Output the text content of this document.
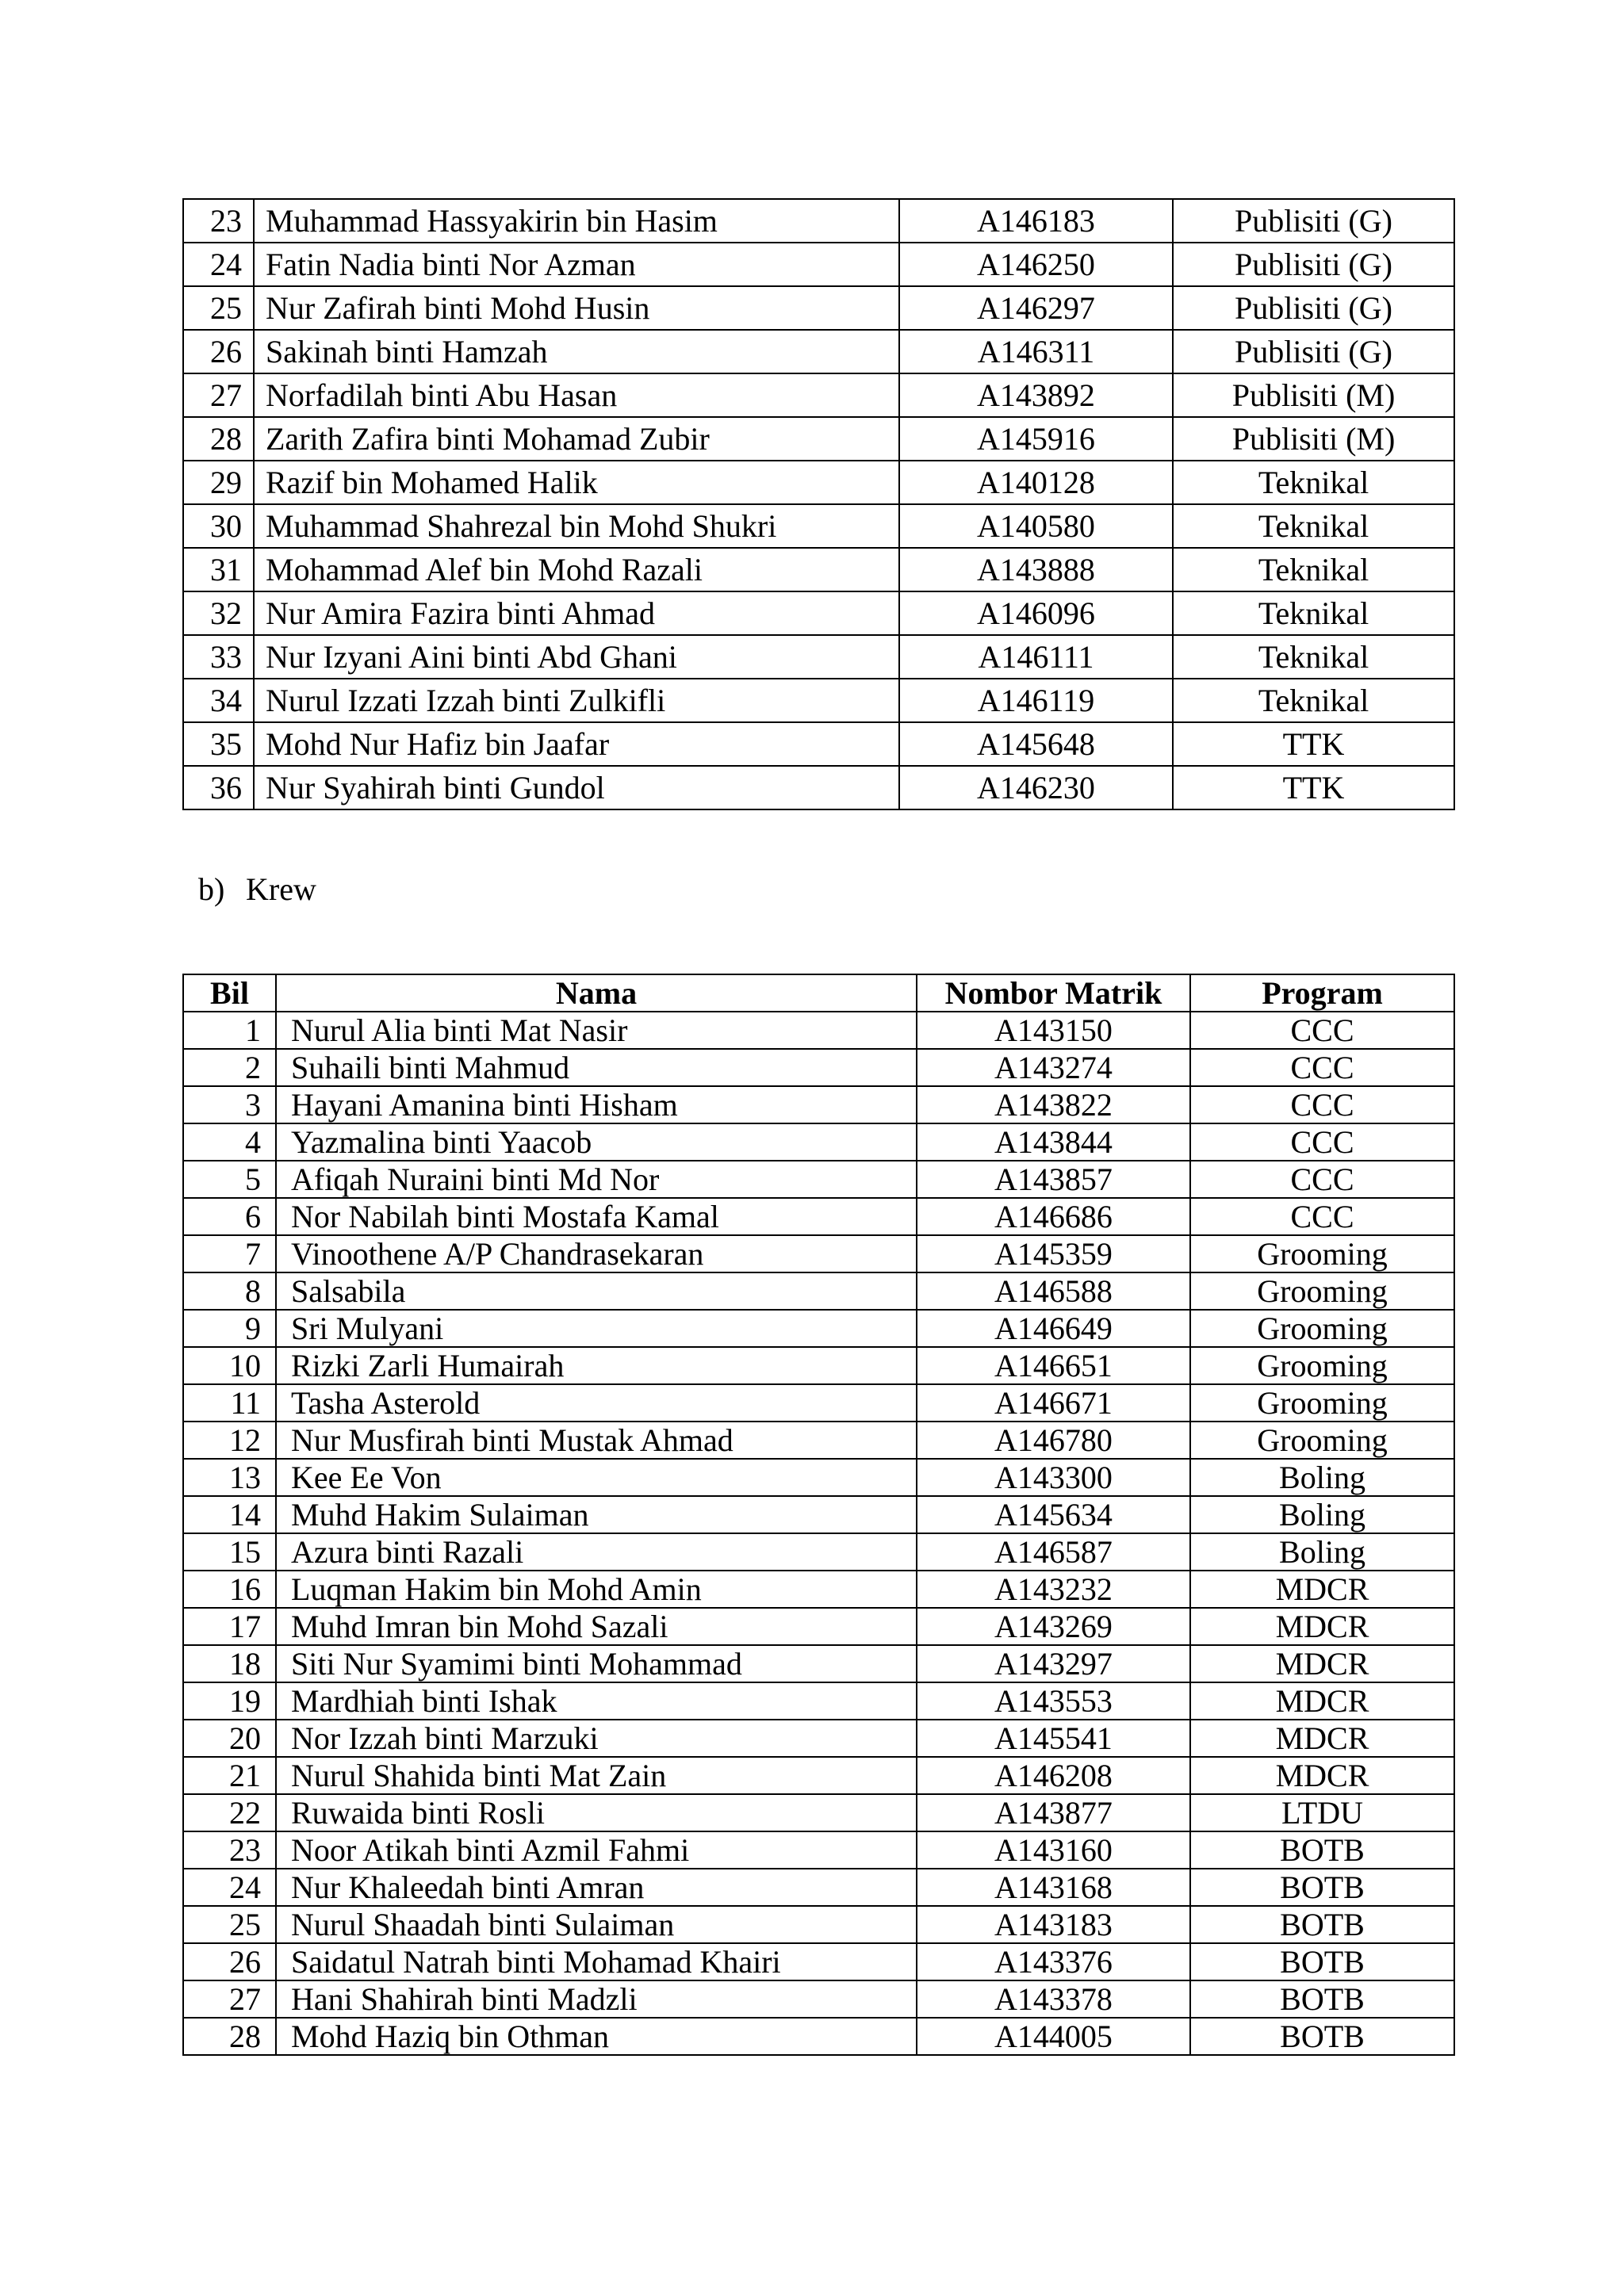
23	Muhammad Hassyakirin bin Hasim	A146183	Publisiti (G)
24	Fatin Nadia binti Nor Azman	A146250	Publisiti (G)
25	Nur Zafirah binti Mohd Husin	A146297	Publisiti (G)
26	Sakinah binti Hamzah	A146311	Publisiti (G)
27	Norfadilah binti Abu Hasan	A143892	Publisiti (M)
28	Zarith Zafira binti Mohamad Zubir	A145916	Publisiti (M)
29	Razif bin Mohamed Halik	A140128	Teknikal
30	Muhammad Shahrezal bin Mohd Shukri	A140580	Teknikal
31	Mohammad Alef bin Mohd Razali	A143888	Teknikal
32	Nur Amira Fazira binti Ahmad	A146096	Teknikal
33	Nur Izyani Aini binti Abd Ghani	A146111	Teknikal
34	Nurul Izzati Izzah binti Zulkifli	A146119	Teknikal
35	Mohd Nur Hafiz bin Jaafar	A145648	TTK
36	Nur Syahirah binti Gundol	A146230	TTK
b) Krew
Bil	Nama	Nombor Matrik	Program
1	Nurul Alia binti Mat Nasir	A143150	CCC
2	Suhaili binti Mahmud	A143274	CCC
3	Hayani Amanina binti Hisham	A143822	CCC
4	Yazmalina binti Yaacob	A143844	CCC
5	Afiqah Nuraini binti Md Nor	A143857	CCC
6	Nor Nabilah binti Mostafa Kamal	A146686	CCC
7	Vinoothene A/P Chandrasekaran	A145359	Grooming
8	Salsabila	A146588	Grooming
9	Sri Mulyani	A146649	Grooming
10	Rizki Zarli Humairah	A146651	Grooming
11	Tasha Asterold	A146671	Grooming
12	Nur Musfirah binti Mustak Ahmad	A146780	Grooming
13	Kee Ee Von	A143300	Boling
14	Muhd Hakim Sulaiman	A145634	Boling
15	Azura binti Razali	A146587	Boling
16	Luqman Hakim bin Mohd Amin	A143232	MDCR
17	Muhd Imran bin Mohd Sazali	A143269	MDCR
18	Siti Nur Syamimi binti Mohammad	A143297	MDCR
19	Mardhiah binti Ishak	A143553	MDCR
20	Nor Izzah binti Marzuki	A145541	MDCR
21	Nurul Shahida binti Mat Zain	A146208	MDCR
22	Ruwaida binti Rosli	A143877	LTDU
23	Noor Atikah binti Azmil Fahmi	A143160	BOTB
24	Nur Khaleedah binti Amran	A143168	BOTB
25	Nurul Shaadah binti Sulaiman	A143183	BOTB
26	Saidatul Natrah binti Mohamad Khairi	A143376	BOTB
27	Hani Shahirah binti Madzli	A143378	BOTB
28	Mohd Haziq bin Othman	A144005	BOTB
